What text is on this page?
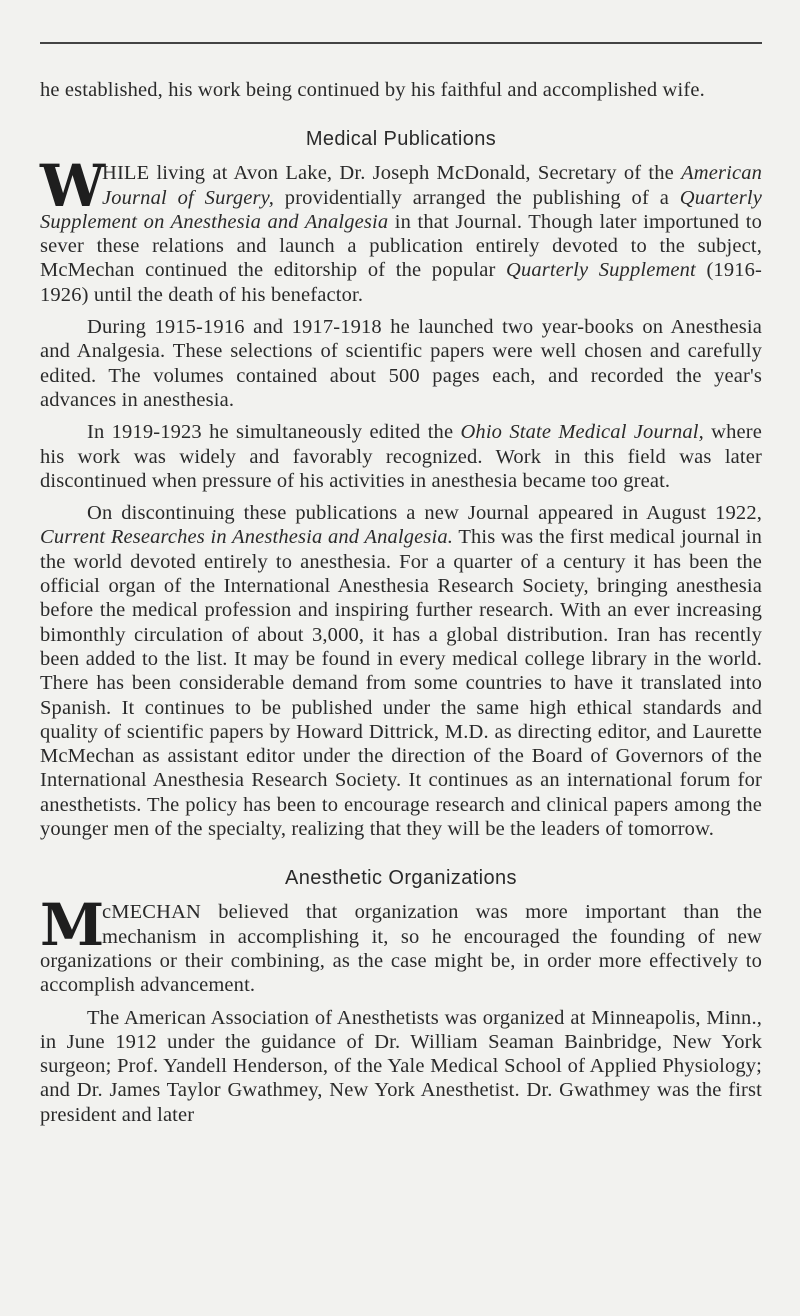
he established, his work being continued by his faithful and accomplished wife.

Medical Publications

W
HILE living at Avon Lake, Dr. Joseph McDonald, Secretary of the American Journal of Surgery, providentially arranged the publishing of a Quarterly Supplement on Anesthesia and Analgesia in that Journal. Though later importuned to sever these relations and launch a publication entirely devoted to the subject, McMechan continued the editorship of the popular Quarterly Supplement (1916-1926) until the death of his benefactor.

During 1915-1916 and 1917-1918 he launched two year-books on Anesthesia and Analgesia. These selections of scientific papers were well chosen and carefully edited. The volumes contained about 500 pages each, and recorded the year's advances in anesthesia.

In 1919-1923 he simultaneously edited the Ohio State Medical Journal, where his work was widely and favorably recognized. Work in this field was later discontinued when pressure of his activities in anesthesia became too great.

On discontinuing these publications a new Journal appeared in August 1922, Current Researches in Anesthesia and Analgesia. This was the first medical journal in the world devoted entirely to anesthesia. For a quarter of a century it has been the official organ of the International Anesthesia Research Society, bringing anesthesia before the medical profession and inspiring further research. With an ever increasing bimonthly circulation of about 3,000, it has a global distribution. Iran has recently been added to the list. It may be found in every medical college library in the world. There has been considerable demand from some countries to have it translated into Spanish. It continues to be published under the same high ethical standards and quality of scientific papers by Howard Dittrick, M.D. as directing editor, and Laurette McMechan as assistant editor under the direction of the Board of Governors of the International Anesthesia Research Society. It continues as an international forum for anesthetists. The policy has been to encourage research and clinical papers among the younger men of the specialty, realizing that they will be the leaders of tomorrow.

Anesthetic Organizations

M
cMECHAN believed that organization was more important than the mechanism in accomplishing it, so he encouraged the founding of new organizations or their combining, as the case might be, in order more effectively to accomplish advancement.

The American Association of Anesthetists was organized at Minneapolis, Minn., in June 1912 under the guidance of Dr. William Seaman Bainbridge, New York surgeon; Prof. Yandell Henderson, of the Yale Medical School of Applied Physiology; and Dr. James Taylor Gwathmey, New York Anesthetist. Dr. Gwathmey was the first president and later
